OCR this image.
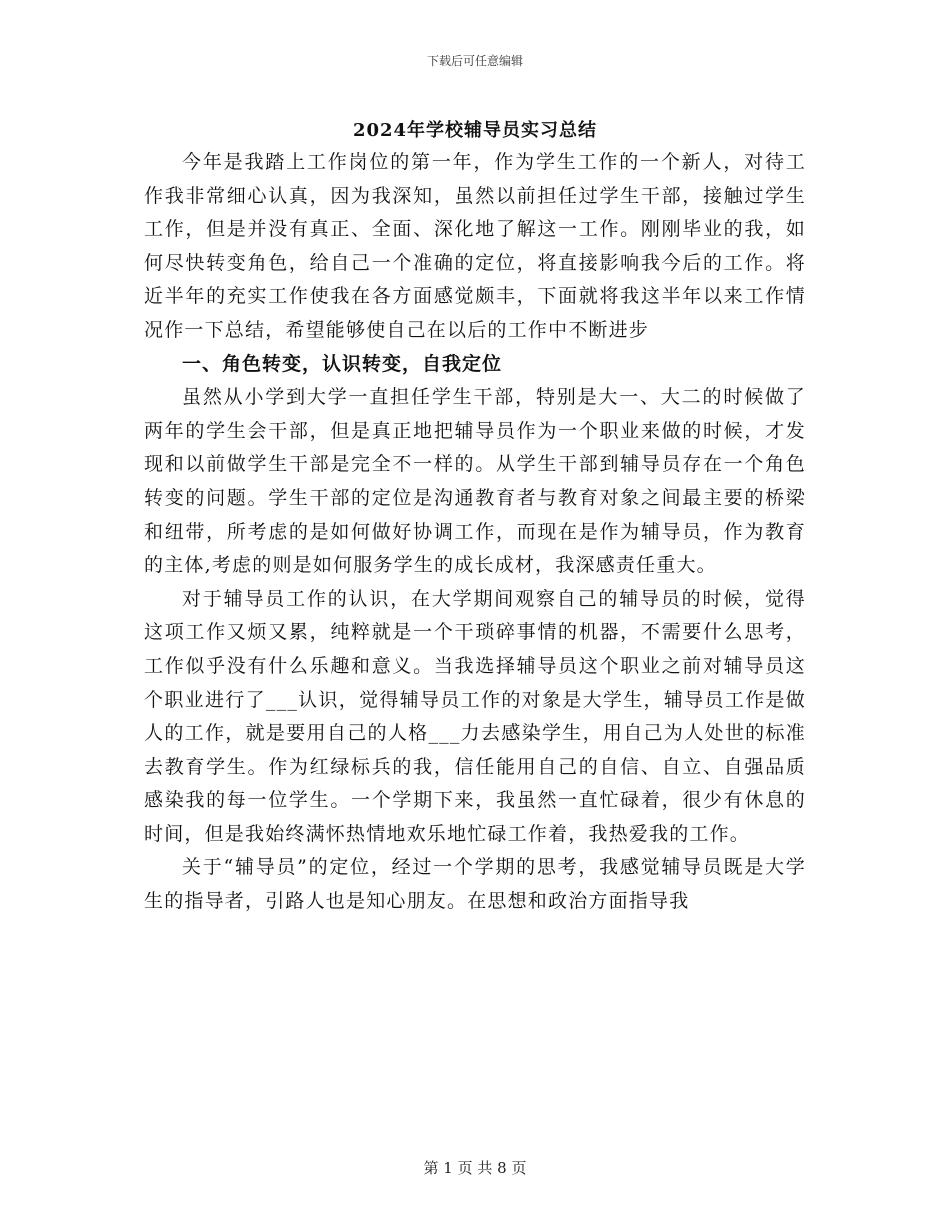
下载后可任意编辑
2024年学校辅导员实习总结

今年是我踏上工作岗位的第一年，作为学生工作的一个新人，对待工作我非常细心认真，因为我深知，虽然以前担任过学生干部，接触过学生工作，但是并没有真正、全面、深化地了解这一工作。刚刚毕业的我，如何尽快转变角色，给自己一个准确的定位，将直接影响我今后的工作。将近半年的充实工作使我在各方面感觉颇丰，下面就将我这半年以来工作情况作一下总结，希望能够使自己在以后的工作中不断进步

一、角色转变，认识转变，自我定位

虽然从小学到大学一直担任学生干部，特别是大一、大二的时候做了两年的学生会干部，但是真正地把辅导员作为一个职业来做的时候，才发现和以前做学生干部是完全不一样的。从学生干部到辅导员存在一个角色转变的问题。学生干部的定位是沟通教育者与教育对象之间最主要的桥梁和纽带，所考虑的是如何做好协调工作，而现在是作为辅导员，作为教育的主体,考虑的则是如何服务学生的成长成材，我深感责任重大。

对于辅导员工作的认识，在大学期间观察自己的辅导员的时候，觉得这项工作又烦又累，纯粹就是一个干琐碎事情的机器，不需要什么思考，工作似乎没有什么乐趣和意义。当我选择辅导员这个职业之前对辅导员这个职业进行了___认识，觉得辅导员工作的对象是大学生，辅导员工作是做人的工作，就是要用自己的人格___力去感染学生，用自己为人处世的标准去教育学生。作为红绿标兵的我，信任能用自己的自信、自立、自强品质感染我的每一位学生。一个学期下来，我虽然一直忙碌着，很少有休息的时间，但是我始终满怀热情地欢乐地忙碌工作着，我热爱我的工作。

关于“辅导员”的定位，经过一个学期的思考，我感觉辅导员既是大学生的指导者，引路人也是知心朋友。在思想和政治方面指导我

第 1 页 共 8 页
